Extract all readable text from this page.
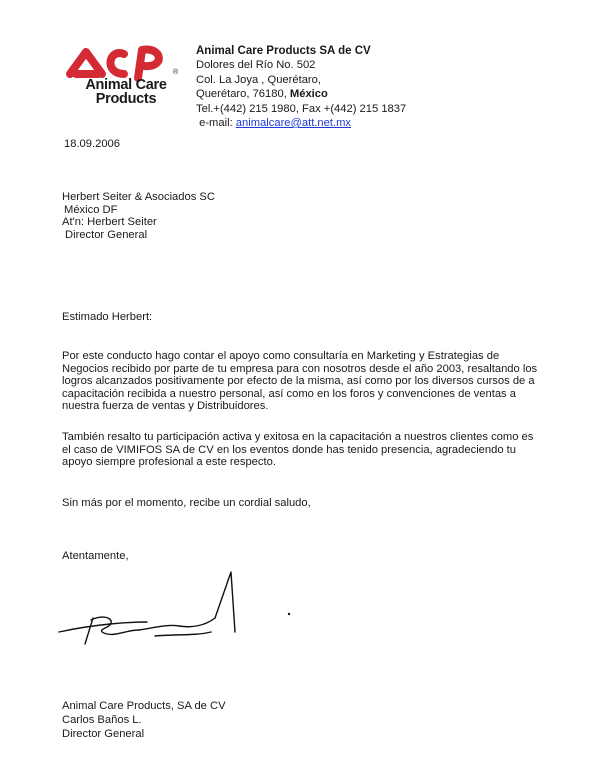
®
Animal Care
Products
Animal Care Products SA de CV
Dolores del Río No. 502
Col. La Joya , Querétaro,
Querétaro, 76180, México
Tel.+(442) 215 1980, Fax +(442) 215 1837
e-mail: animalcare@att.net.mx
18.09.2006
Herbert Seiter & Asociados SC
México DF
At'n: Herbert Seiter
Director General
Estimado Herbert:
Por este conducto hago contar el apoyo como consultaría en Marketing y Estrategias de Negocios recibido por parte de tu empresa para con nosotros desde el año 2003, resaltando los logros alcanzados positivamente por efecto de la misma, así como por los diversos cursos de a capacitación recibida a nuestro personal, así como en los foros y convenciones de ventas a nuestra fuerza de ventas y Distribuidores.
También resalto tu participación activa y exitosa en la capacitación a nuestros clientes como es el caso de VIMIFOS SA de CV en los eventos donde has tenido presencia, agradeciendo tu apoyo siempre profesional a este respecto.
Sin más por el momento, recibe un cordial saludo,
Atentamente,
Animal Care Products, SA de CV
Carlos Baños L.
Director General
